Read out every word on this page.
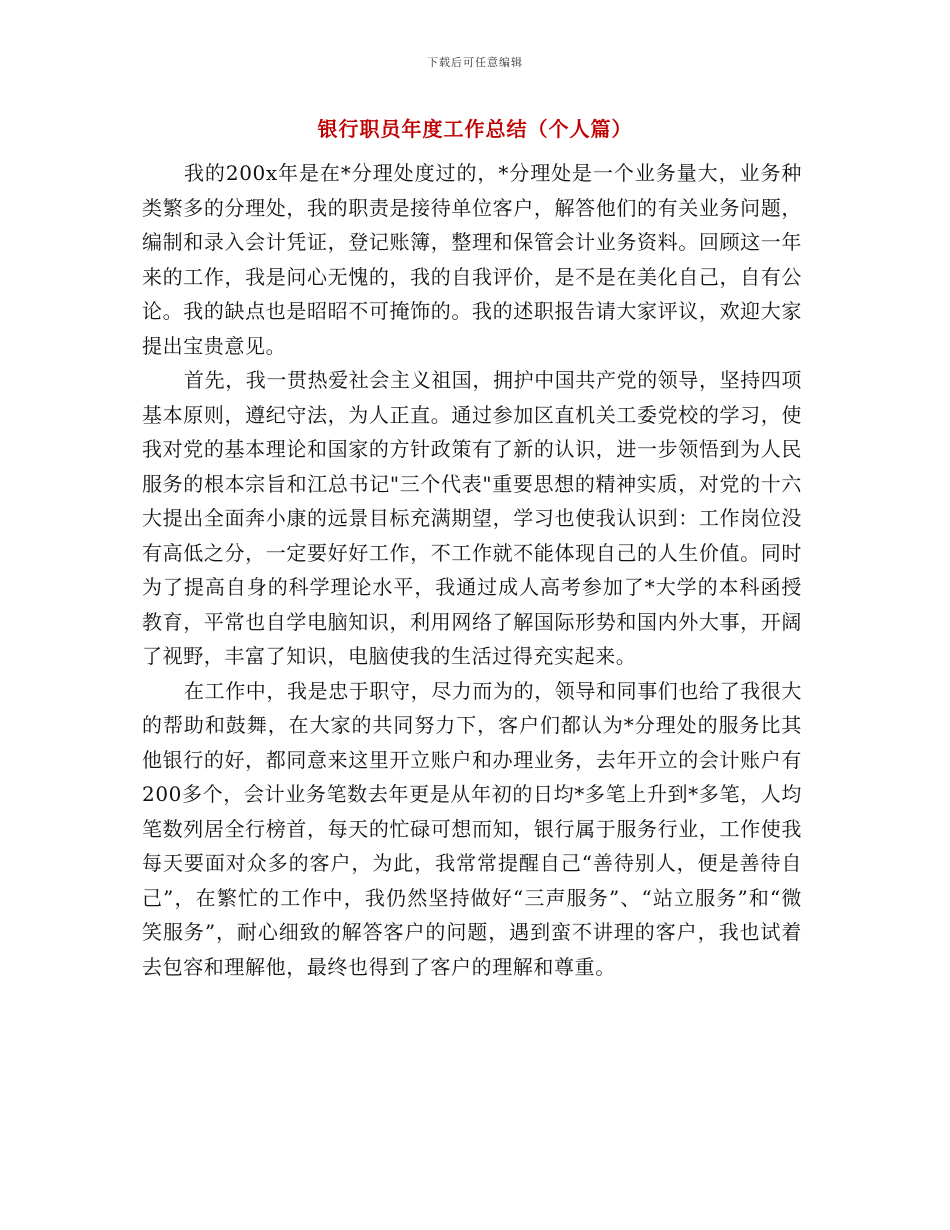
下载后可任意编辑
银行职员年度工作总结（个人篇）

我的200x年是在*分理处度过的，*分理处是一个业务量大，业务种类繁多的分理处，我的职责是接待单位客户，解答他们的有关业务问题，编制和录入会计凭证，登记账簿，整理和保管会计业务资料。回顾这一年来的工作，我是问心无愧的，我的自我评价，是不是在美化自己，自有公论。我的缺点也是昭昭不可掩饰的。我的述职报告请大家评议，欢迎大家提出宝贵意见。

首先，我一贯热爱社会主义祖国，拥护中国共产党的领导，坚持四项基本原则，遵纪守法，为人正直。通过参加区直机关工委党校的学习，使我对党的基本理论和国家的方针政策有了新的认识，进一步领悟到为人民服务的根本宗旨和江总书记"三个代表"重要思想的精神实质，对党的十六大提出全面奔小康的远景目标充满期望，学习也使我认识到：工作岗位没有高低之分，一定要好好工作，不工作就不能体现自己的人生价值。同时为了提高自身的科学理论水平，我通过成人高考参加了*大学的本科函授教育，平常也自学电脑知识，利用网络了解国际形势和国内外大事，开阔了视野，丰富了知识，电脑使我的生活过得充实起来。

在工作中，我是忠于职守，尽力而为的，领导和同事们也给了我很大的帮助和鼓舞，在大家的共同努力下，客户们都认为*分理处的服务比其他银行的好，都同意来这里开立账户和办理业务，去年开立的会计账户有200多个，会计业务笔数去年更是从年初的日均*多笔上升到*多笔，人均笔数列居全行榜首，每天的忙碌可想而知，银行属于服务行业，工作使我每天要面对众多的客户，为此，我常常提醒自己“善待别人，便是善待自己”，在繁忙的工作中，我仍然坚持做好“三声服务”、“站立服务”和“微笑服务”，耐心细致的解答客户的问题，遇到蛮不讲理的客户，我也试着去包容和理解他，最终也得到了客户的理解和尊重。
